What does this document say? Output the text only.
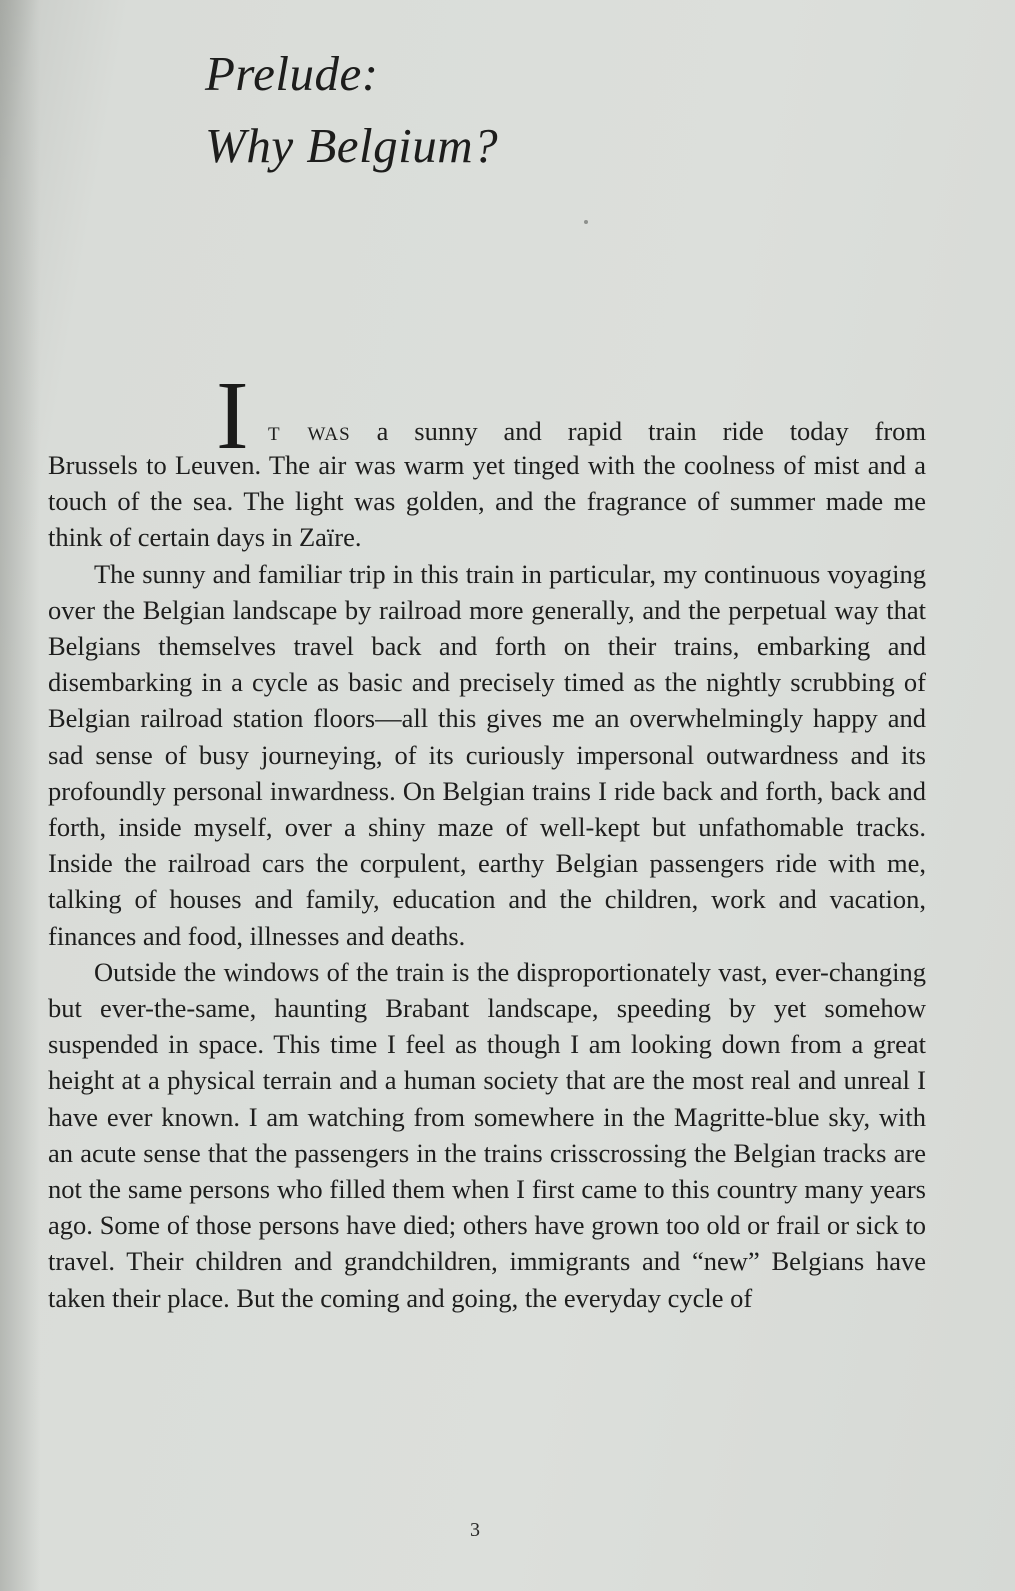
Prelude:
Why Belgium?

I t was a sunny and rapid train ride today from
Brussels to Leuven. The air was warm yet tinged with the coolness of mist and a touch of the sea. The light was golden, and the fragrance of summer made me think of certain days in Zaïre.

The sunny and familiar trip in this train in particular, my continuous voyaging over the Belgian landscape by railroad more generally, and the perpetual way that Belgians themselves travel back and forth on their trains, embarking and disembarking in a cycle as basic and precisely timed as the nightly scrubbing of Belgian railroad station floors—all this gives me an overwhelmingly happy and sad sense of busy journeying, of its curiously impersonal outwardness and its profoundly personal inwardness. On Belgian trains I ride back and forth, back and forth, inside myself, over a shiny maze of well-kept but unfathomable tracks. Inside the railroad cars the corpulent, earthy Belgian passengers ride with me, talking of houses and family, education and the children, work and vacation, finances and food, illnesses and deaths.

Outside the windows of the train is the disproportionately vast, ever-changing but ever-the-same, haunting Brabant landscape, speeding by yet somehow suspended in space. This time I feel as though I am looking down from a great height at a physical terrain and a human society that are the most real and unreal I have ever known. I am watching from somewhere in the Magritte-blue sky, with an acute sense that the passengers in the trains crisscrossing the Belgian tracks are not the same persons who filled them when I first came to this country many years ago. Some of those persons have died; others have grown too old or frail or sick to travel. Their children and grandchildren, immigrants and “new” Belgians have taken their place. But the coming and going, the everyday cycle of

3
